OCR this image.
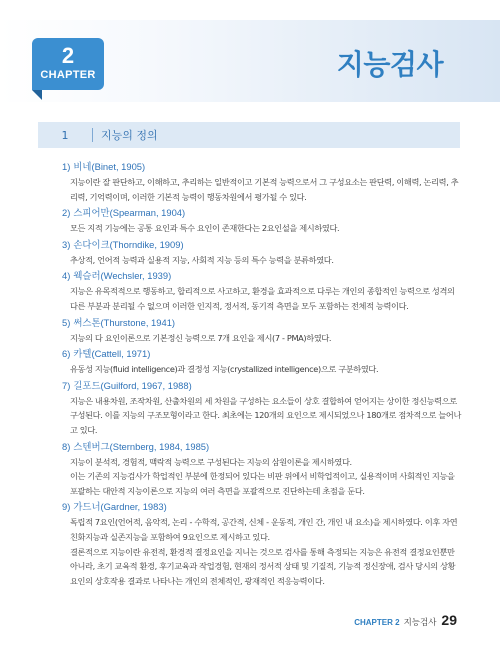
2
CHAPTER	지능검사
1	지능의 정의
1) 비네(Binet, 1905)
지능이란 잘 판단하고, 이해하고, 추리하는 일반적이고 기본적 능력으로서 그 구성요소는 판단력, 이해력, 논리력, 추리력, 기억력이며, 이러한 기본적 능력이 행동차원에서 평가될 수 있다.
2) 스피어만(Spearman, 1904)
모든 지적 기능에는 공통 요인과 특수 요인이 존재한다는 2요인설을 제시하였다.
3) 손다이크(Thorndike, 1909)
추상적, 언어적 능력과 실용적 지능, 사회적 지능 등의 특수 능력을 분류하였다.
4) 웩슬러(Wechsler, 1939)
지능은 유목적적으로 행동하고, 합리적으로 사고하고, 환경을 효과적으로 다루는 개인의 종합적인 능력으로 성격의 다른 부분과 분리될 수 없으며 이러한 인지적, 정서적, 동기적 측면을 모두 포함하는 전체적 능력이다.
5) 써스톤(Thurstone, 1941)
지능의 다 요인이론으로 기본정신 능력으로 7개 요인을 제시(7 - PMA)하였다.
6) 카텔(Cattell, 1971)
유동성 지능(fluid intelligence)과 결정성 지능(crystallized intelligence)으로 구분하였다.
7) 길포드(Guilford, 1967, 1988)
지능은 내용차원, 조작차원, 산출차원의 세 차원을 구성하는 요소들이 상호 결합하여 얻어지는 상이한 정신능력으로 구성된다. 이를 지능의 구조모형이라고 한다. 최초에는 120개의 요인으로 제시되었으나 180개로 점차적으로 늘어나고 있다.
8) 스텐버그(Sternberg, 1984, 1985)
지능이 분석적, 경험적, 맥락적 능력으로 구성된다는 지능의 삼원이론을 제시하였다.
이는 기존의 지능검사가 학업적인 부분에 한정되어 있다는 비판 위에서 비학업적이고, 실용적이며 사회적인 지능을 포괄하는 대안적 지능이론으로 지능의 여러 측면을 포괄적으로 진단하는데 초점을 둔다.
9) 가드너(Gardner, 1983)
독립적 7요인(언어적, 음악적, 논리 - 수학적, 공간적, 신체 - 운동적, 개인 간, 개인 내 요소)을 제시하였다. 이후 자연친화지능과 실존지능을 포함하여 9요인으로 제시하고 있다.
결론적으로 지능이란 유전적, 환경적 결정요인을 지니는 것으로 검사를 통해 측정되는 지능은 유전적 결정요인뿐만 아니라, 초기 교육적 환경, 후기교육과 작업경험, 현재의 정서적 상태 및 기질적, 기능적 정신장애, 검사 당시의 상황요인의 상호작용 결과로 나타나는 개인의 전체적인, 광재적인 적응능력이다.
CHAPTER 2 지능검사 29
